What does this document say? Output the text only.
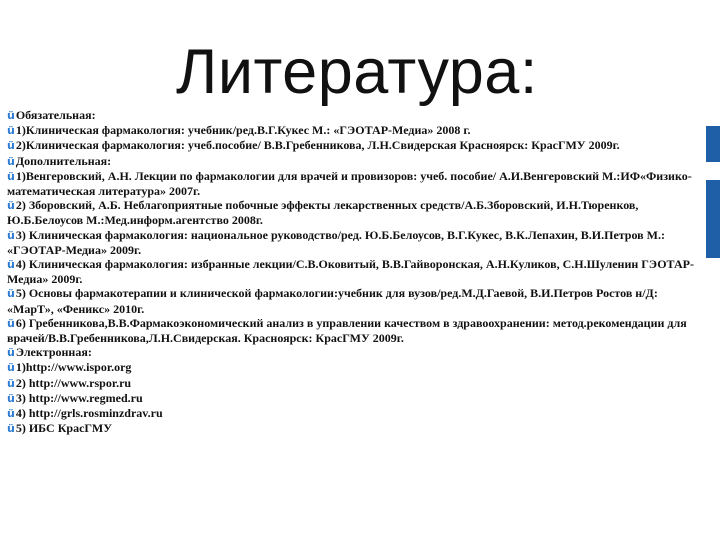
Литература:

üОбязательная:

ü1)Клиническая фармакология: учебник/ред.В.Г.Кукес М.: «ГЭОТАР-Медиа» 2008 г.

ü2)Клиническая фармакология: учеб.пособие/ В.В.Гребенникова, Л.Н.Свидерская Красноярск: КрасГМУ 2009г.

üДополнительная:

ü1)Венгеровский, А.Н. Лекции по фармакологии для врачей и провизоров: учеб. пособие/ А.И.Венгеровский М.:ИФ«Физико-математическая литература» 2007г.

ü2) Зборовский, А.Б. Неблагоприятные побочные эффекты лекарственных средств/А.Б.Зборовский, И.Н.Тюренков, Ю.Б.Белоусов М.:Мед.информ.агентство 2008г.

ü3) Клиническая фармакология: национальное руководство/ред. Ю.Б.Белоусов, В.Г.Кукес, В.К.Лепахин, В.И.Петров М.: «ГЭОТАР-Медиа» 2009г.

ü4) Клиническая фармакология: избранные лекции/С.В.Оковитый, В.В.Гайворонская, А.Н.Куликов, С.Н.Шуленин ГЭОТАР-Медиа» 2009г.

ü5) Основы фармакотерапии и клинической фармакологии:учебник для вузов/ред.М.Д.Гаевой, В.И.Петров Ростов н/Д: «МарТ», «Феникс» 2010г.

ü6) Гребенникова,В.В.Фармакоэкономический анализ в управлении качеством в здравоохранении: метод.рекомендации для врачей/В.В.Гребенникова,Л.Н.Свидерская. Красноярск: КрасГМУ 2009г.

üЭлектронная:

ü1)http://www.ispor.org

ü2) http://www.rspor.ru

ü3) http://www.regmed.ru

ü4) http://grls.rosminzdrav.ru

ü5) ИБС КрасГМУ
